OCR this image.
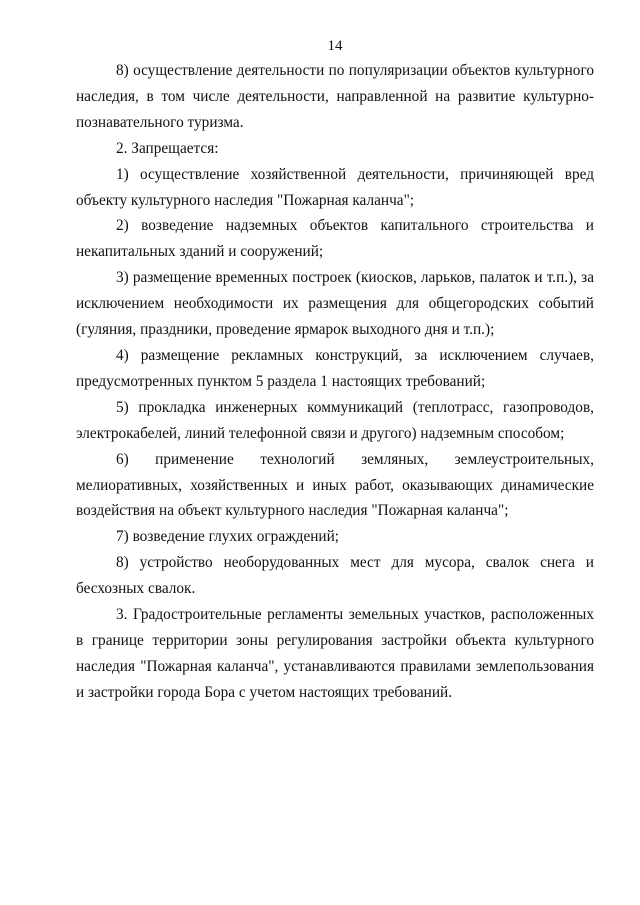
14

8) осуществление деятельности по популяризации объектов культурного наследия, в том числе деятельности, направленной на развитие культурно-познавательного туризма.

2. Запрещается:

1) осуществление хозяйственной деятельности, причиняющей вред объекту культурного наследия "Пожарная каланча";

2) возведение надземных объектов капитального строительства и некапитальных зданий и сооружений;

3) размещение временных построек (киосков, ларьков, палаток и т.п.), за исключением необходимости их размещения для общегородских событий (гуляния, праздники, проведение ярмарок выходного дня и т.п.);

4) размещение рекламных конструкций, за исключением случаев, предусмотренных пунктом 5 раздела 1 настоящих требований;

5) прокладка инженерных коммуникаций (теплотрасс, газопроводов, электрокабелей, линий телефонной связи и другого) надземным способом;

6) применение технологий земляных, землеустроительных, мелиоративных, хозяйственных и иных работ, оказывающих динамические воздействия на объект культурного наследия "Пожарная каланча";

7) возведение глухих ограждений;

8) устройство необорудованных мест для мусора, свалок снега и бесхозных свалок.

3. Градостроительные регламенты земельных участков, расположенных в границе территории зоны регулирования застройки объекта культурного наследия "Пожарная каланча", устанавливаются правилами землепользования и застройки города Бора с учетом настоящих требований.
